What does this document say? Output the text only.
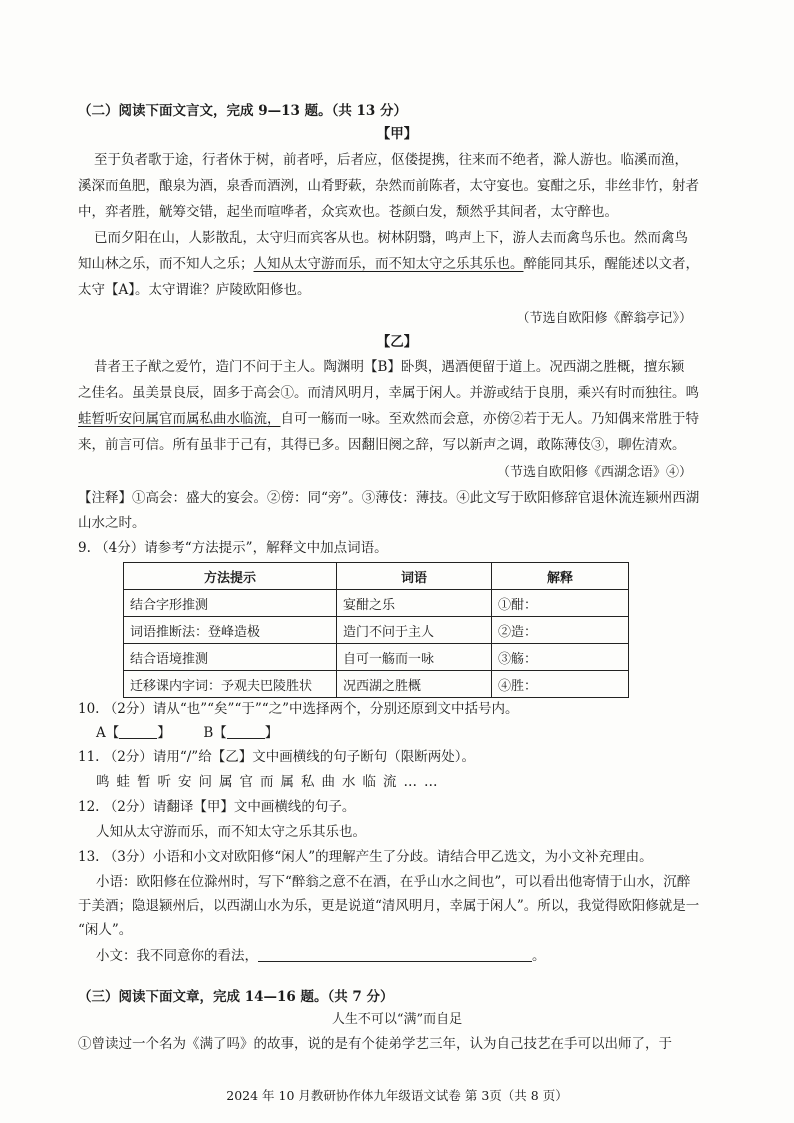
（二）阅读下面文言文，完成 9—13 题。（共 13 分）
【甲】
至于负者歌于途，行者休于树，前者呼，后者应，伛偻提携，往来而不绝者，滁人游也。临溪而渔，
溪深而鱼肥，酿泉为酒，泉香而酒洌，山肴野蔌，杂然而前陈者，太守宴也。宴酣之乐，非丝非竹，射者
中，弈者胜，觥筹交错，起坐而喧哗者，众宾欢也。苍颜白发，颓然乎其间者，太守醉也。
已而夕阳在山，人影散乱，太守归而宾客从也。树林阴翳，鸣声上下，游人去而禽鸟乐也。然而禽鸟
知山林之乐，而不知人之乐；人知从太守游而乐，而不知太守之乐其乐也。醉能同其乐，醒能述以文者，
太守【A】。太守谓谁？庐陵欧阳修也。
（节选自欧阳修《醉翁亭记》）
【乙】
昔者王子猷之爱竹，造门不问于主人。陶渊明【B】卧舆，遇酒便留于道上。况西湖之胜概，擅东颍
之佳名。虽美景良辰，固多于高会①。而清风明月，幸属于闲人。并游或结于良朋，乘兴有时而独往。鸣
蛙暂听安问属官而属私曲水临流，自可一觞而一咏。至欢然而会意，亦傍②若于无人。乃知偶来常胜于特
来，前言可信。所有虽非于己有，其得已多。因翻旧阕之辞，写以新声之调，敢陈薄伎③，聊佐清欢。
（节选自欧阳修《西湖念语》④）
【注释】①高会：盛大的宴会。②傍：同“旁”。③薄伎：薄技。④此文写于欧阳修辞官退休流连颍州西湖
山水之时。
9. （4分）请参考“方法提示”，解释文中加点词语。
方法提示	词语	解释
结合字形推测	宴酣之乐	①酣：
词语推断法：登峰造极	造门不问于主人	②造：
结合语境推测	自可一觞而一咏	③觞：
迁移课内字词：予观夫巴陵胜状	况西湖之胜概	④胜：
10. （2分）请从“也”“矣”“于”“之”中选择两个，分别还原到文中括号内。
A【	】 B【	】
11. （2分）请用“/”给【乙】文中画横线的句子断句（限断两处）。
鸣蛙暂听安问属官而属私曲水临流……
12. （2分）请翻译【甲】文中画横线的句子。
人知从太守游而乐，而不知太守之乐其乐也。
13. （3分）小语和小文对欧阳修“闲人”的理解产生了分歧。请结合甲乙选文，为小文补充理由。
小语：欧阳修在位滁州时，写下“醉翁之意不在酒，在乎山水之间也”，可以看出他寄情于山水，沉醉
于美酒；隐退颍州后，以西湖山水为乐，更是说道“清风明月，幸属于闲人”。所以，我觉得欧阳修就是一
“闲人”。
小文：我不同意你的看法，	。
（三）阅读下面文章，完成 14—16 题。（共 7 分）
人生不可以“满”而自足
①曾读过一个名为《满了吗》的故事，说的是有个徒弟学艺三年，认为自己技艺在手可以出师了，于
2024 年 10 月教研协作体九年级语文试卷 第 3页（共 8 页）
